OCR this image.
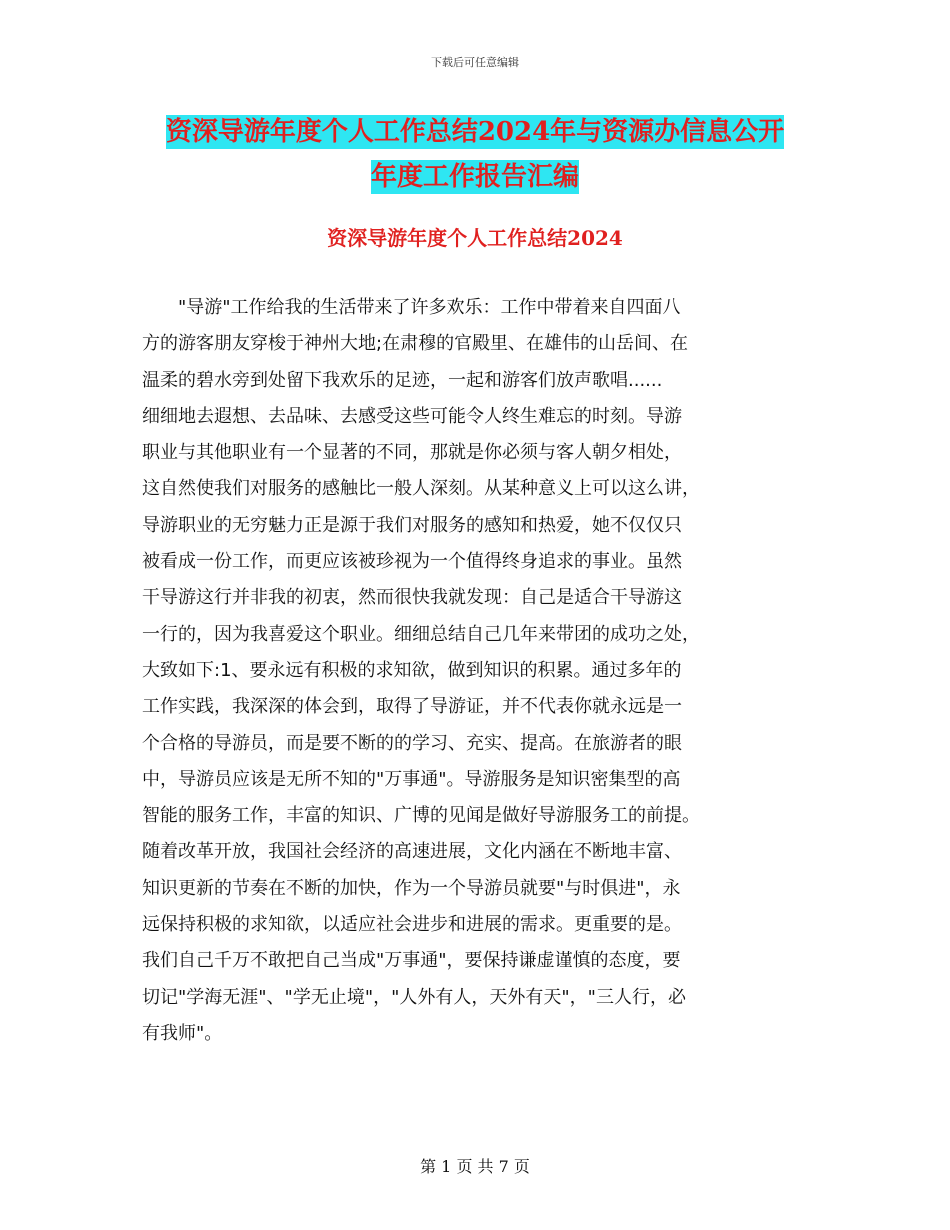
下载后可任意编辑
资深导游年度个人工作总结2024年与资源办信息公开
年度工作报告汇编
资深导游年度个人工作总结2024
　　"导游"工作给我的生活带来了许多欢乐：工作中带着来自四面八
方的游客朋友穿梭于神州大地;在肃穆的官殿里、在雄伟的山岳间、在
温柔的碧水旁到处留下我欢乐的足迹，一起和游客们放声歌唱......
细细地去遐想、去品味、去感受这些可能令人终生难忘的时刻。导游
职业与其他职业有一个显著的不同，那就是你必须与客人朝夕相处，
这自然使我们对服务的感触比一般人深刻。从某种意义上可以这么讲，
导游职业的无穷魅力正是源于我们对服务的感知和热爱，她不仅仅只
被看成一份工作，而更应该被珍视为一个值得终身追求的事业。虽然
干导游这行并非我的初衷，然而很快我就发现：自己是适合干导游这
一行的，因为我喜爱这个职业。细细总结自己几年来带团的成功之处，
大致如下:1、要永远有积极的求知欲，做到知识的积累。通过多年的
工作实践，我深深的体会到，取得了导游证，并不代表你就永远是一
个合格的导游员，而是要不断的的学习、充实、提高。在旅游者的眼
中，导游员应该是无所不知的"万事通"。导游服务是知识密集型的高
智能的服务工作，丰富的知识、广博的见闻是做好导游服务工的前提。
随着改革开放，我国社会经济的高速进展，文化内涵在不断地丰富、
知识更新的节奏在不断的加快，作为一个导游员就要"与时俱进"，永
远保持积极的求知欲，以适应社会进步和进展的需求。更重要的是。
我们自己千万不敢把自己当成"万事通"，要保持谦虚谨慎的态度，要
切记"学海无涯"、"学无止境"，"人外有人，天外有天"，"三人行，必
有我师"。
第 1 页 共 7 页
